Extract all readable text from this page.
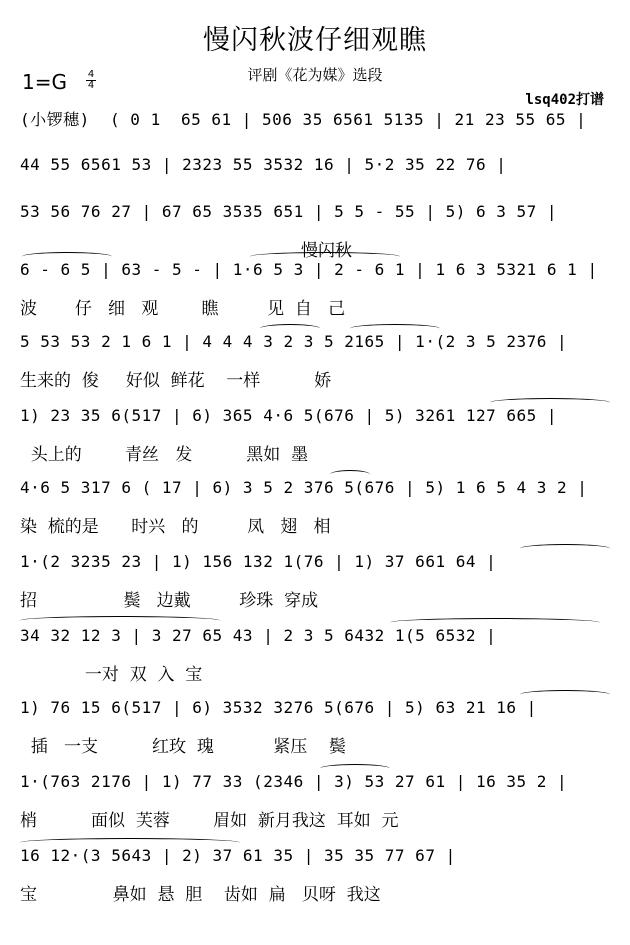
慢闪秋波仔细观瞧
评剧《花为媒》选段
1=G 4
4
lsq402打谱
(小锣穗)  ( 0 1  65 61 | 506 35 6561 5135 | 21 23 55 65 |
44 55 6561 53 | 2323 55 3532 16 | 5·2 35 22 76 |
53 56 76 27 | 67 65 3535 651 | 5 5 - 55 | 5) 6 3 57 |
慢闪秋
6 - 6 5 | 63 - 5 - | 1·6 5 3 | 2 - 6 1 | 1 6 3 5321 6 1 |
波       仔   细   观        瞧         见  自   己
5 53 53 2 1 6 1 | 4 4 4 3 2 3 5 2165 | 1·(2 3 5 2376 |
生来的  俊     好似  鲜花    一样          娇
1) 23 35 6(517 | 6) 365 4·6 5(676 | 5) 3261 127 665 |
头上的        青丝   发          黑如  墨
4·6 5 317 6 ( 17 | 6) 3 5 2 376 5(676 | 5) 1 6 5 4 3 2 |
染  梳的是      时兴   的         凤   翅   相
1·(2 3235 23 | 1) 156 132 1(76 | 1) 37 661 64 |
招                鬓   边戴         珍珠  穿成
34 32 12 3 | 3 27 65 43 | 2 3 5 6432 1(5 6532 |
一对  双  入  宝
1) 76 15 6(517 | 6) 3532 3276 5(676 | 5) 63 21 16 |
插   一支          红玫  瑰           紧压    鬓
1·(763 2176 | 1) 77 33 (2346 | 3) 53 27 61 | 16 35 2 |
梢          面似  芙蓉        眉如  新月我这  耳如  元
16 12·(3 5643 | 2) 37 61 35 | 35 35 77 67 |
宝              鼻如  悬  胆    齿如  扁   贝呀  我这
